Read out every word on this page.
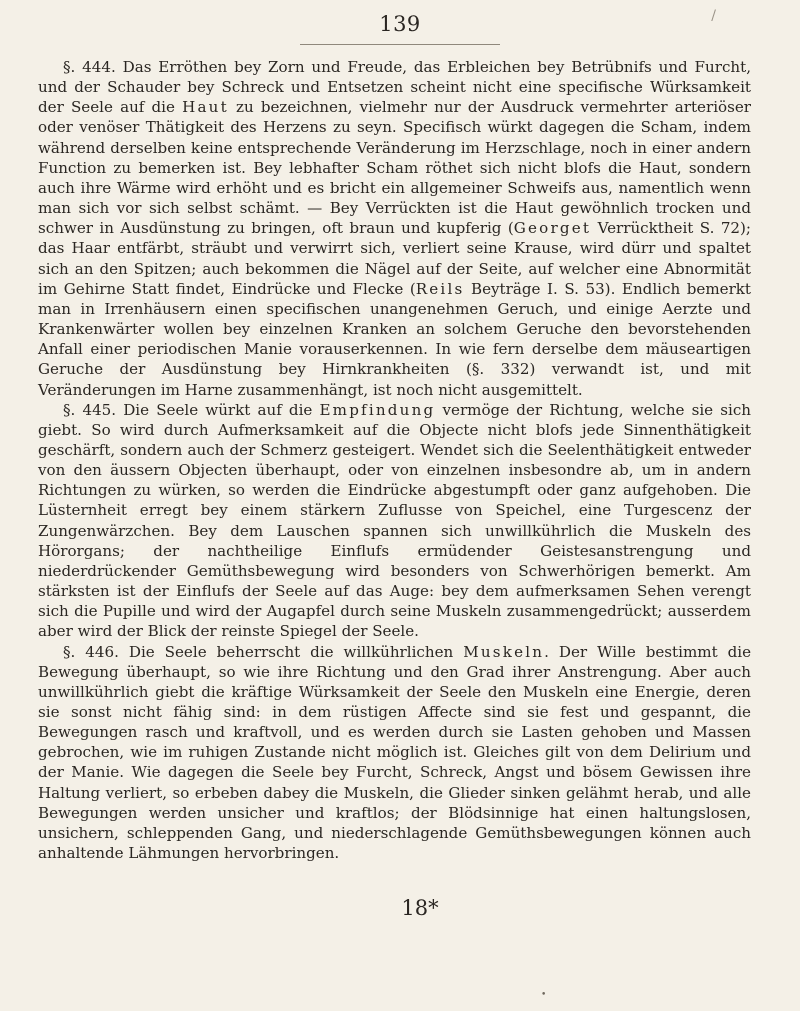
/
139

§. 444. Das Erröthen bey Zorn und Freude, das Erbleichen bey Betrübnifs und Furcht, und der Schauder bey Schreck und Entsetzen scheint nicht eine specifische Würksamkeit der Seele auf die Haut zu bezeichnen, vielmehr nur der Ausdruck vermehrter arteriöser oder venöser Thätigkeit des Herzens zu seyn. Specifisch würkt dagegen die Scham, indem während derselben keine entsprechende Veränderung im Herzschlage, noch in einer andern Function zu bemerken ist. Bey lebhafter Scham röthet sich nicht blofs die Haut, sondern auch ihre Wärme wird erhöht und es bricht ein allgemeiner Schweifs aus, namentlich wenn man sich vor sich selbst schämt. — Bey Verrückten ist die Haut gewöhnlich trocken und schwer in Ausdünstung zu bringen, oft braun und kupferig (Georget Verrücktheit S. 72); das Haar entfärbt, sträubt und verwirrt sich, verliert seine Krause, wird dürr und spaltet sich an den Spitzen; auch bekommen die Nägel auf der Seite, auf welcher eine Abnormität im Gehirne Statt findet, Eindrücke und Flecke (Reils Beyträge I. S. 53). Endlich bemerkt man in Irrenhäusern einen specifischen unangenehmen Geruch, und einige Aerzte und Krankenwärter wollen bey einzelnen Kranken an solchem Geruche den bevorstehenden Anfall einer periodischen Manie vorauserkennen. In wie fern derselbe dem mäuseartigen Geruche der Ausdünstung bey Hirnkrankheiten (§. 332) verwandt ist, und mit Veränderungen im Harne zusammenhängt, ist noch nicht ausgemittelt.

§. 445. Die Seele würkt auf die Empfindung vermöge der Richtung, welche sie sich giebt. So wird durch Aufmerksamkeit auf die Objecte nicht blofs jede Sinnenthätigkeit geschärft, sondern auch der Schmerz gesteigert. Wendet sich die Seelenthätigkeit entweder von den äussern Objecten überhaupt, oder von einzelnen insbesondre ab, um in andern Richtungen zu würken, so werden die Eindrücke abgestumpft oder ganz aufgehoben. Die Lüsternheit erregt bey einem stärkern Zuflusse von Speichel, eine Turgescenz der Zungenwärzchen. Bey dem Lauschen spannen sich unwillkührlich die Muskeln des Hörorgans; der nachtheilige Einflufs ermüdender Geistesanstrengung und niederdrückender Gemüthsbewegung wird besonders von Schwerhörigen bemerkt. Am stärksten ist der Einflufs der Seele auf das Auge: bey dem aufmerksamen Sehen verengt sich die Pupille und wird der Augapfel durch seine Muskeln zusammengedrückt; ausserdem aber wird der Blick der reinste Spiegel der Seele.

§. 446. Die Seele beherrscht die willkührlichen Muskeln. Der Wille bestimmt die Bewegung überhaupt, so wie ihre Richtung und den Grad ihrer Anstrengung. Aber auch unwillkührlich giebt die kräftige Würksamkeit der Seele den Muskeln eine Energie, deren sie sonst nicht fähig sind: in dem rüstigen Affecte sind sie fest und gespannt, die Bewegungen rasch und kraftvoll, und es werden durch sie Lasten gehoben und Massen gebrochen, wie im ruhigen Zustande nicht möglich ist. Gleiches gilt von dem Delirium und der Manie. Wie dagegen die Seele bey Furcht, Schreck, Angst und bösem Gewissen ihre Haltung verliert, so erbeben dabey die Muskeln, die Glieder sinken gelähmt herab, und alle Bewegungen werden unsicher und kraftlos; der Blödsinnige hat einen haltungslosen, unsichern, schleppenden Gang, und niederschlagende Gemüthsbewegungen können auch anhaltende Lähmungen hervorbringen.

18*
•
